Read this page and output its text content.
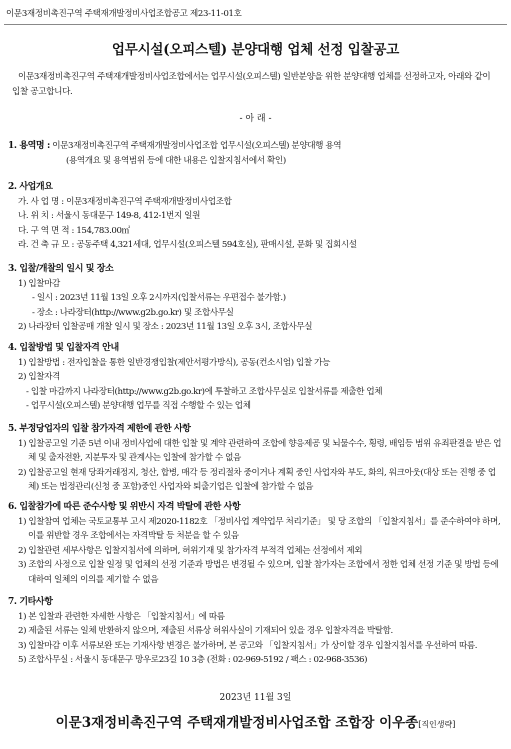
이문3재정비촉진구역 주택재개발정비사업조합공고 제23-11-01호
업무시설(오피스텔) 분양대행 업체 선정 입찰공고
이문3재정비촉진구역 주택재개발정비사업조합에서는 업무시설(오피스텔) 일반분양을 위한 분양대행 업체를 선정하고자, 아래와 같이 입찰 공고합니다.
- 아 래 -
1. 용역명 : 이문3재정비촉진구역 주택재개발정비사업조합 업무시설(오피스텔) 분양대행 용역
(용역개요 및 용역범위 등에 대한 내용은 입찰지침서에서 확인)
2. 사업개요
가. 사 업 명 : 이문3재정비촉진구역 주택재개발정비사업조합
나. 위 치 : 서울시 동대문구 149-8, 412-1번지 일원
다. 구 역 면 적 : 154,783.00㎡
라. 건 축 규 모 : 공동주택 4,321세대, 업무시설(오피스텔 594호실), 판매시설, 문화 및 집회시설
3. 입찰/개찰의 일시 및 장소
1) 입찰마감
- 일시 : 2023년 11월 13일 오후 2시까지(입찰서류는 우편접수 불가함.)
- 장소 : 나라장터(http://www.g2b.go.kr) 및 조합사무실
2) 나라장터 입찰공매 개찰 일시 및 장소 : 2023년 11월 13일 오후 3시, 조합사무실
4. 입찰방법 및 입찰자격 안내
1) 입찰방법 : 전자입찰을 통한 일반경쟁입찰(제안서평가방식), 공동(컨소시엄) 입찰 가능
2) 입찰자격
- 입찰 마감까지 나라장터(http://www.g2b.go.kr)에 투찰하고 조합사무실로 입찰서류를 제출한 업체
- 업무시설(오피스텔) 분양대행 업무를 직접 수행할 수 있는 업체
5. 부정당업자의 입찰 참가자격 제한에 관한 사항
1) 입찰공고일 기준 5년 이내 정비사업에 대한 입찰 및 계약 관련하여 조합에 향응제공 및 뇌물수수, 횡령, 배임등 범위 유죄판결을 받은 업체 및 출자전환, 지분투자 및 관계사는 입찰에 참가할 수 없음
2) 입찰공고일 현재 당좌거래정지, 청산, 합병, 매각 등 정리절차 중이거나 계획 중인 사업자와 부도, 화의, 워크아웃(대상 또는 진행 중 업체) 또는 법정관리(신청 중 포함)중인 사업자와 퇴출기업은 입찰에 참가할 수 없음
6. 입찰참가에 따른 준수사항 및 위반시 자격 박탈에 관한 사항
1) 입찰참여 업체는 국토교통부 고시 제2020-1182호 「정비사업 계약업무 처리기준」 및 당 조합의 「입찰지침서」를 준수하여야 하며, 이를 위반할 경우 조합에서는 자격박탈 등 처분을 할 수 있음
2) 입찰관련 세부사항은 입찰지침서에 의하며, 허위기재 및 참가자격 부적격 업체는 선정에서 제외
3) 조합의 사정으로 입찰 일정 및 업체의 선정 기준과 방법은 변경될 수 있으며, 입찰 참가자는 조합에서 정한 업체 선정 기준 및 방법 등에 대하여 일체의 이의를 제기할 수 없음
7. 기타사항
1) 본 입찰과 관련한 자세한 사항은 「입찰지침서」에 따름
2) 제출된 서류는 일체 반환하지 않으며, 제출된 서류상 허위사실이 기재되어 있을 경우 입찰자격을 박탈함.
3) 입찰마감 이후 서류보완 또는 기재사항 변경은 불가하며, 본 공고와 「입찰지침서」가 상이할 경우 입찰지침서를 우선하여 따름.
5) 조합사무실 : 서울시 동대문구 망우로23길 10 3층 (전화 : 02-969-5192 / 팩스 : 02-968-3536)
2023년 11월 3일
이문3재정비촉진구역 주택재개발정비사업조합 조합장 이우종[직인생략]
